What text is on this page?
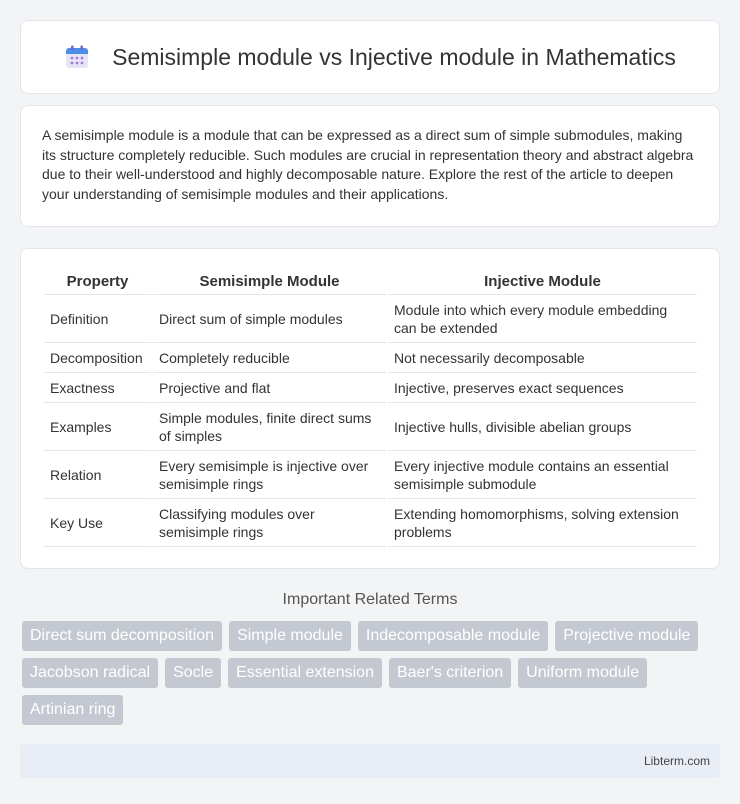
Semisimple module vs Injective module in Mathematics

A semisimple module is a module that can be expressed as a direct sum of simple submodules, making its structure completely reducible. Such modules are crucial in representation theory and abstract algebra due to their well-understood and highly decomposable nature. Explore the rest of the article to deepen your understanding of semisimple modules and their applications.

Property	Semisimple Module	Injective Module
Definition	Direct sum of simple modules	Module into which every module embedding can be extended
Decomposition	Completely reducible	Not necessarily decomposable
Exactness	Projective and flat	Injective, preserves exact sequences
Examples	Simple modules, finite direct sums of simples	Injective hulls, divisible abelian groups
Relation	Every semisimple is injective over semisimple rings	Every injective module contains an essential semisimple submodule
Key Use	Classifying modules over semisimple rings	Extending homomorphisms, solving extension problems
Important Related Terms
Direct sum decomposition	Simple module	Indecomposable module	Projective module
Jacobson radical	Socle	Essential extension	Baer's criterion	Uniform module
Artinian ring
Libterm.com
